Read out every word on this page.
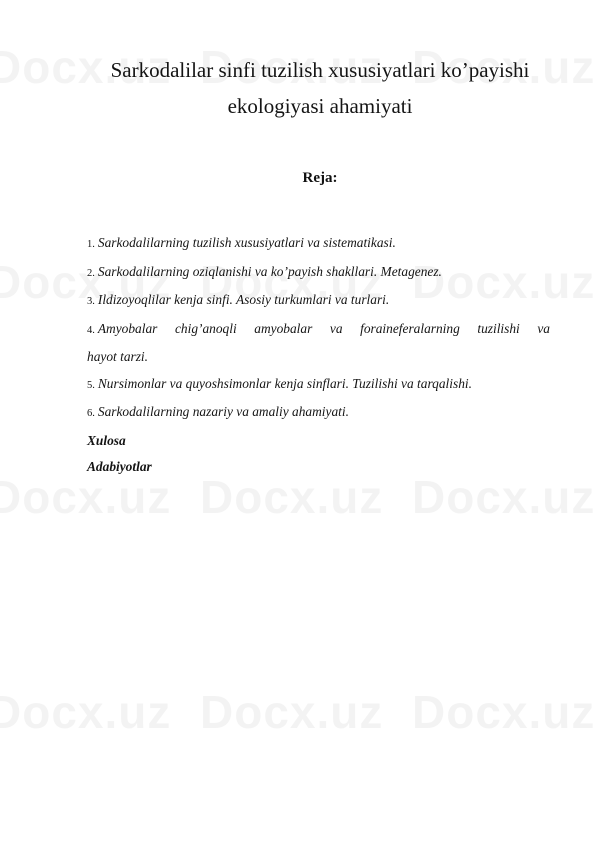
Sarkodalilar sinfi tuzilish xususiyatlari ko’payishi
ekologiyasi ahamiyati
Reja:

1. Sarkodalilarning tuzilish xususiyatlari va sistematikasi.

2. Sarkodalilarning oziqlanishi va ko’payish shakllari. Metagenez.

3. Ildizoyoqlilar kenja sinfi. Asosiy turkumlari va turlari.

4. Amyobalar chig’anoqli amyobalar va foraineferalarning tuzilishi va
hayot tarzi.

5. Nursimonlar va quyoshsimonlar kenja sinflari. Tuzilishi va tarqalishi.

6. Sarkodalilarning nazariy va amaliy ahamiyati.

Xulosa

Adabiyotlar
